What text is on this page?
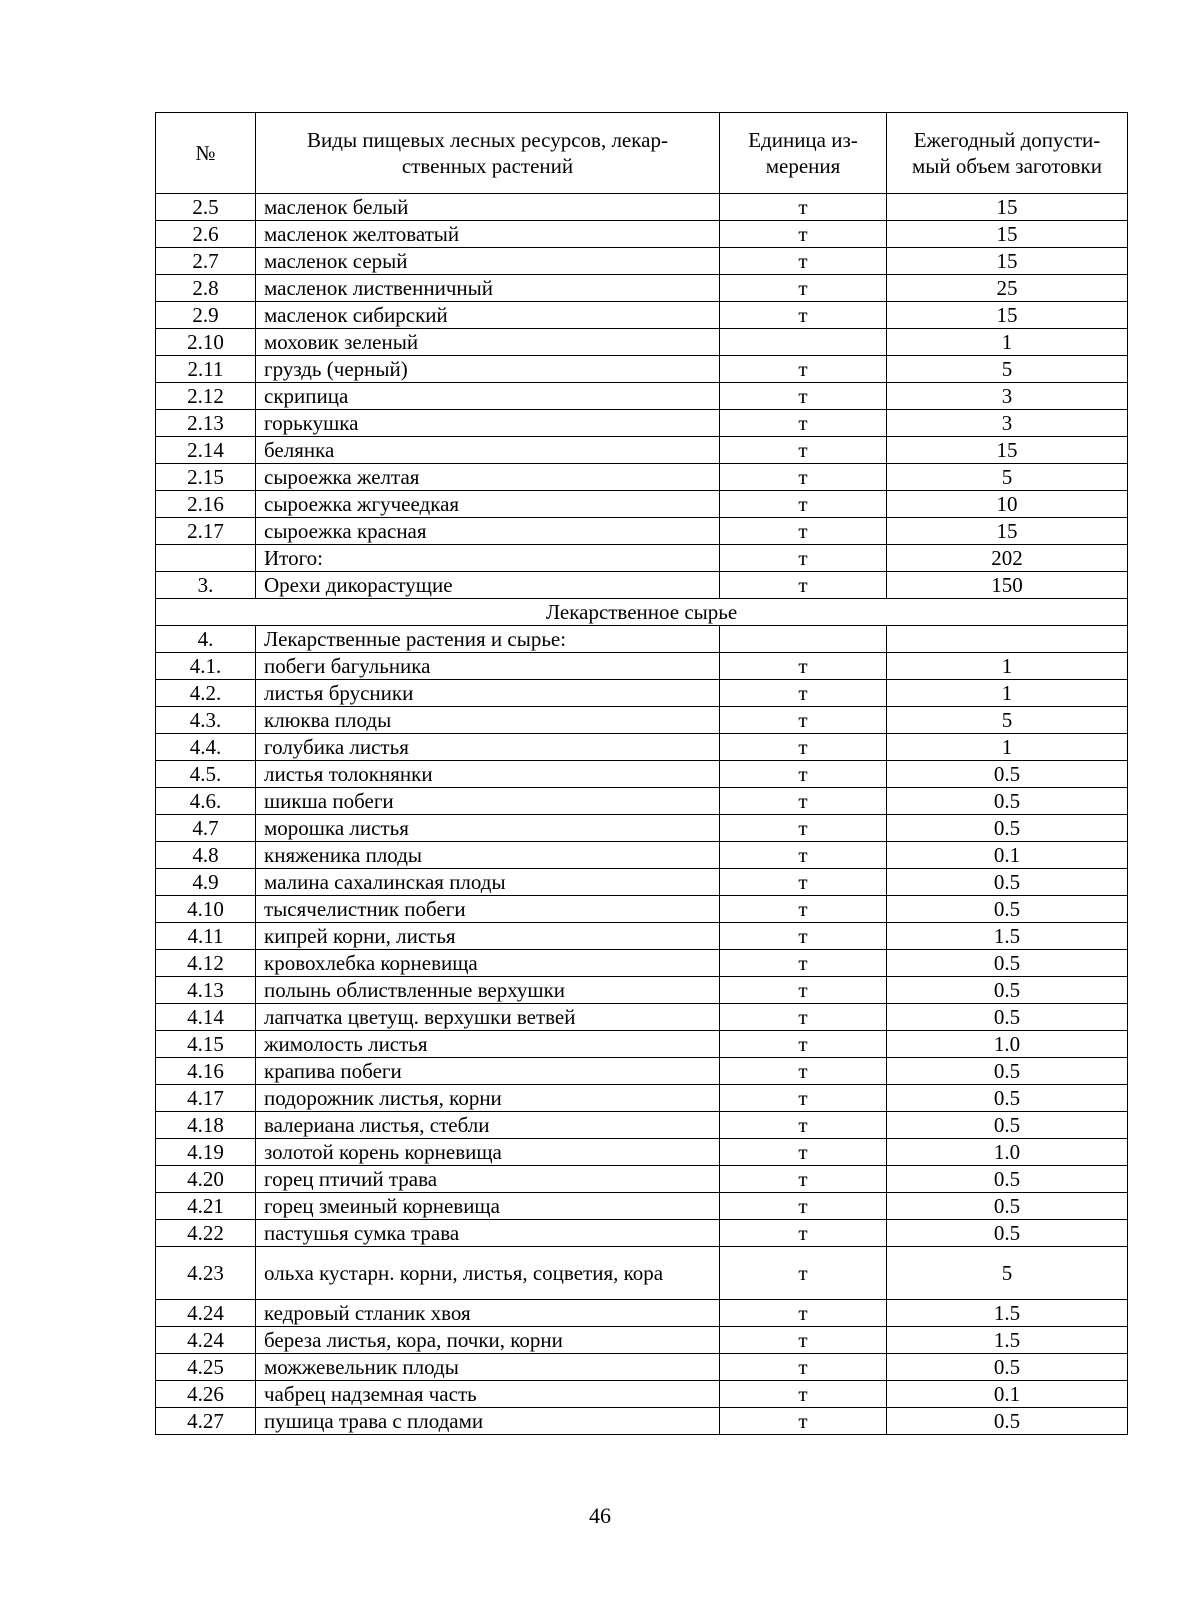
№	Виды пищевых лесных ресурсов, лекар-ственных растений	Единица из-мерения	Ежегодный допусти-мый объем заготовки
2.5	масленок белый	т	15
2.6	масленок желтоватый	т	15
2.7	масленок серый	т	15
2.8	масленок лиственничный	т	25
2.9	масленок сибирский	т	15
2.10	моховик зеленый		1
2.11	груздь (черный)	т	5
2.12	скрипица	т	3
2.13	горькушка	т	3
2.14	белянка	т	15
2.15	сыроежка желтая	т	5
2.16	сыроежка жгучеедкая	т	10
2.17	сыроежка красная	т	15
	Итого:	т	202
3.	Орехи дикорастущие	т	150
Лекарственное сырье			
4.	Лекарственные растения и сырье:		
4.1.	побеги багульника	т	1
4.2.	листья брусники	т	1
4.3.	клюква плоды	т	5
4.4.	голубика листья	т	1
4.5.	листья толокнянки	т	0.5
4.6.	шикша побеги	т	0.5
4.7	морошка листья	т	0.5
4.8	княженика плоды	т	0.1
4.9	малина сахалинская плоды	т	0.5
4.10	тысячелистник побеги	т	0.5
4.11	кипрей корни, листья	т	1.5
4.12	кровохлебка корневища	т	0.5
4.13	полынь облиствленные верхушки	т	0.5
4.14	лапчатка цветущ. верхушки ветвей	т	0.5
4.15	жимолость листья	т	1.0
4.16	крапива побеги	т	0.5
4.17	подорожник листья, корни	т	0.5
4.18	валериана листья, стебли	т	0.5
4.19	золотой корень корневища	т	1.0
4.20	горец птичий трава	т	0.5
4.21	горец змеиный корневища	т	0.5
4.22	пастушья сумка трава	т	0.5
4.23	ольха кустарн. корни, листья, соцветия, кора	т	5
4.24	кедровый стланик хвоя	т	1.5
4.24	береза листья, кора, почки, корни	т	1.5
4.25	можжевельник плоды	т	0.5
4.26	чабрец надземная часть	т	0.1
4.27	пушица трава с плодами	т	0.5
46
